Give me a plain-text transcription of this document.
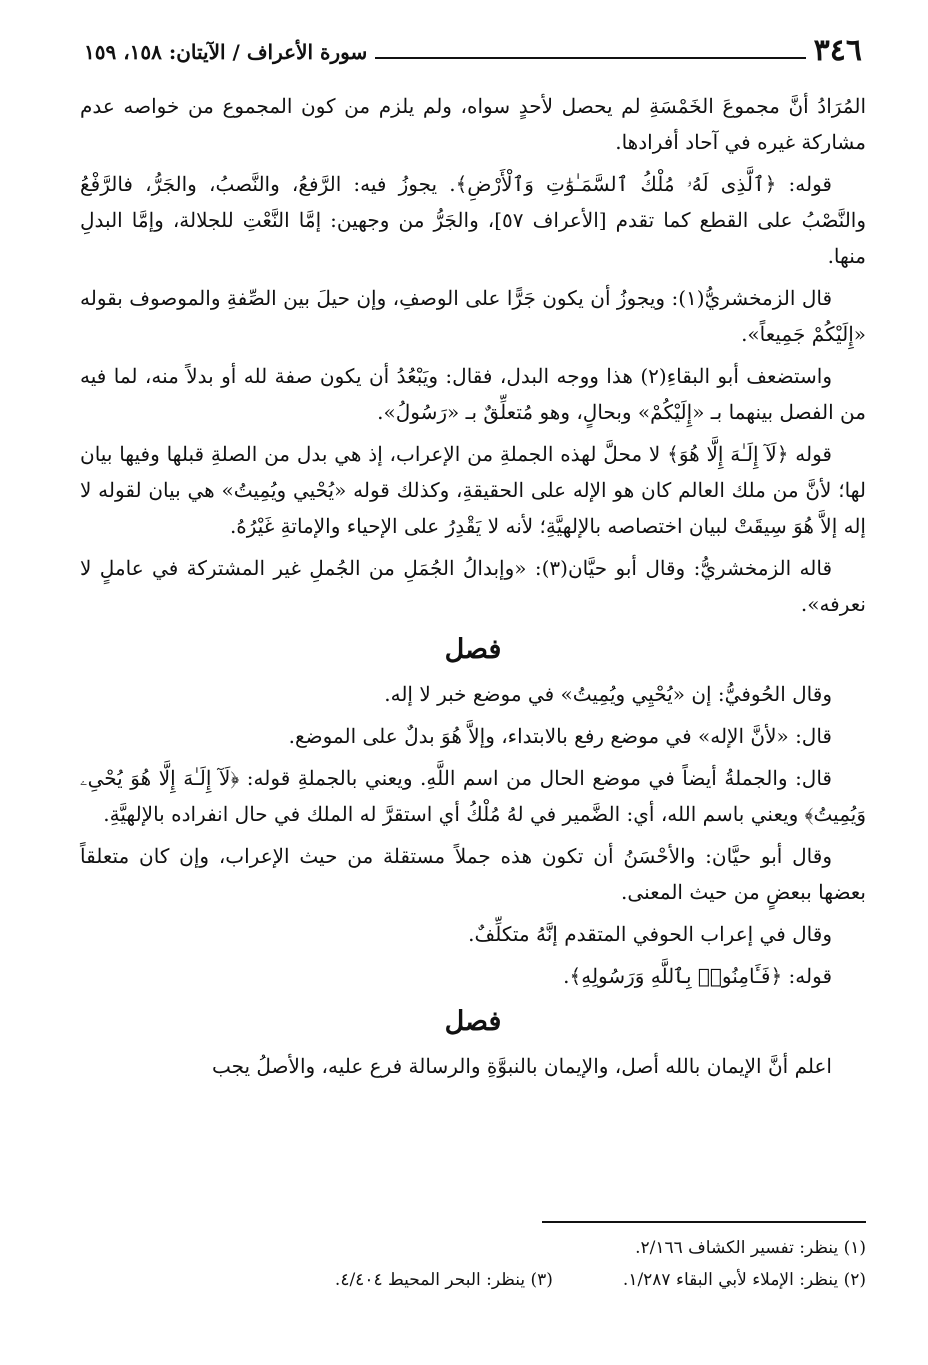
٣٤٦
سورة الأعراف / الآيتان: ١٥٨، ١٥٩

المُرَادُ أنَّ مجموعَ الخَمْسَةِ لم يحصل لأحدٍ سواه، ولم يلزم من كون المجموع من خواصه عدم مشاركة غيره في آحاد أفرادها.

قوله: ﴿ٱلَّذِى لَهُۥ مُلْكُ ٱلسَّمَـٰوَٰتِ وَٱلْأَرْضِ﴾. يجوزُ فيه: الرَّفعُ، والنَّصبُ، والجَرُّ، فالرَّفْعُ والنَّصْبُ على القطع كما تقدم [الأعراف ٥٧]، والجَرُّ من وجهين: إمَّا النَّعْتِ للجلالة، وإمَّا البدلِ منها.

قال الزمخشريُّ(١): ويجوزُ أن يكون جَرًّا على الوصفِ، وإن حيلَ بين الصِّفةِ والموصوف بقوله «إِلَيْكُمْ جَمِيعاً».

واستضعف أبو البقاءِ(٢) هذا ووجه البدل، فقال: ويَبْعُدُ أن يكون صفة لله أو بدلاً منه، لما فيه من الفصل بينهما بـ «إِلَيْكُمْ» وبحالٍ، وهو مُتعلِّقٌ بـ «رَسُولُ».

قوله ﴿لَآ إِلَـٰهَ إِلَّا هُوَ﴾ لا محلَّ لهذه الجملةِ من الإعراب، إذ هي بدل من الصلةِ قبلها وفيها بيان لها؛ لأنَّ من ملك العالم كان هو الإله على الحقيقةِ، وكذلك قوله «يُحْيي ويُمِيتُ» هي بيان لقوله لا إله إلاَّ هُوَ سِيقَتْ لبيان اختصاصه بالإلهيَّةِ؛ لأنه لا يَقْدِرُ على الإحياء والإماتةِ غَيْرُهُ.

قاله الزمخشريُّ: وقال أبو حيَّان(٣): «وإبدالُ الجُمَلِ من الجُملِ غير المشتركة في عاملٍ لا نعرفه».

فصل

وقال الحُوفيُّ: إن «يُحْيِي ويُمِيتُ» في موضع خبر لا إله.

قال: «لأنَّ الإله» في موضع رفع بالابتداء، وإلاَّ هُوَ بدلٌ على الموضع.

قال: والجملةُ أيضاً في موضع الحال من اسم اللَّهِ. ويعني بالجملةِ قوله: ﴿لَآ إِلَـٰهَ إِلَّا هُوَ يُحْىِۦ وَيُمِيتُ﴾ ويعني باسم الله، أي: الضَّمير في لهُ مُلْكُ أي استقرَّ له الملك في حال انفراده بالإلهيَّةِ.

وقال أبو حيَّان: والأحْسَنُ أن تكون هذه جملاً مستقلة من حيث الإعراب، وإن كان متعلقاً بعضها ببعضٍ من حيث المعنى.

وقال في إعراب الحوفي المتقدم إنَّهُ متكلِّفٌ.

قوله: ﴿فَـَٔامِنُوا۟ بِٱللَّهِ وَرَسُولِهِ﴾.

فصل

اعلم أنَّ الإيمان بالله أصل، والإيمان بالنبوَّةِ والرسالة فرع عليه، والأصلُ يجب

(١) ينظر: تفسير الكشاف ٢/١٦٦.

(٢) ينظر: الإملاء لأبي البقاء ١/٢٨٧.

(٣) ينظر: البحر المحيط ٤/٤٠٤.
